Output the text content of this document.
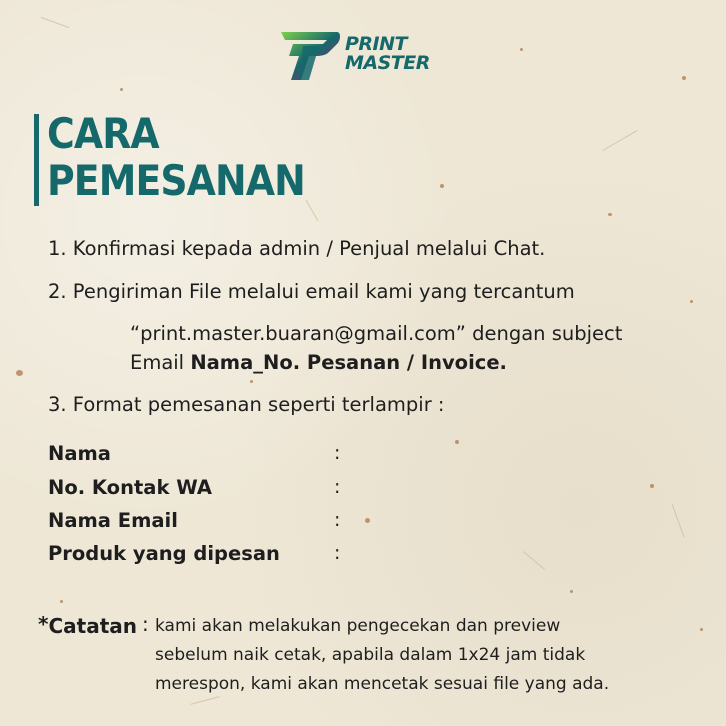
PRINT
MASTER
CARA
PEMESANAN
1. Konfirmasi kepada admin / Penjual melalui Chat.
2. Pengiriman File melalui email kami yang tercantum
“print.master.buaran@gmail.com” dengan subject
Email Nama_No. Pesanan / Invoice.
3. Format pemesanan seperti terlampir :
Nama	:
No. Kontak WA	:
Nama Email	:
Produk yang dipesan	:
*Catatan : kami akan melakukan pengecekan dan preview
sebelum naik cetak, apabila dalam 1x24 jam tidak
merespon, kami akan mencetak sesuai file yang ada.
